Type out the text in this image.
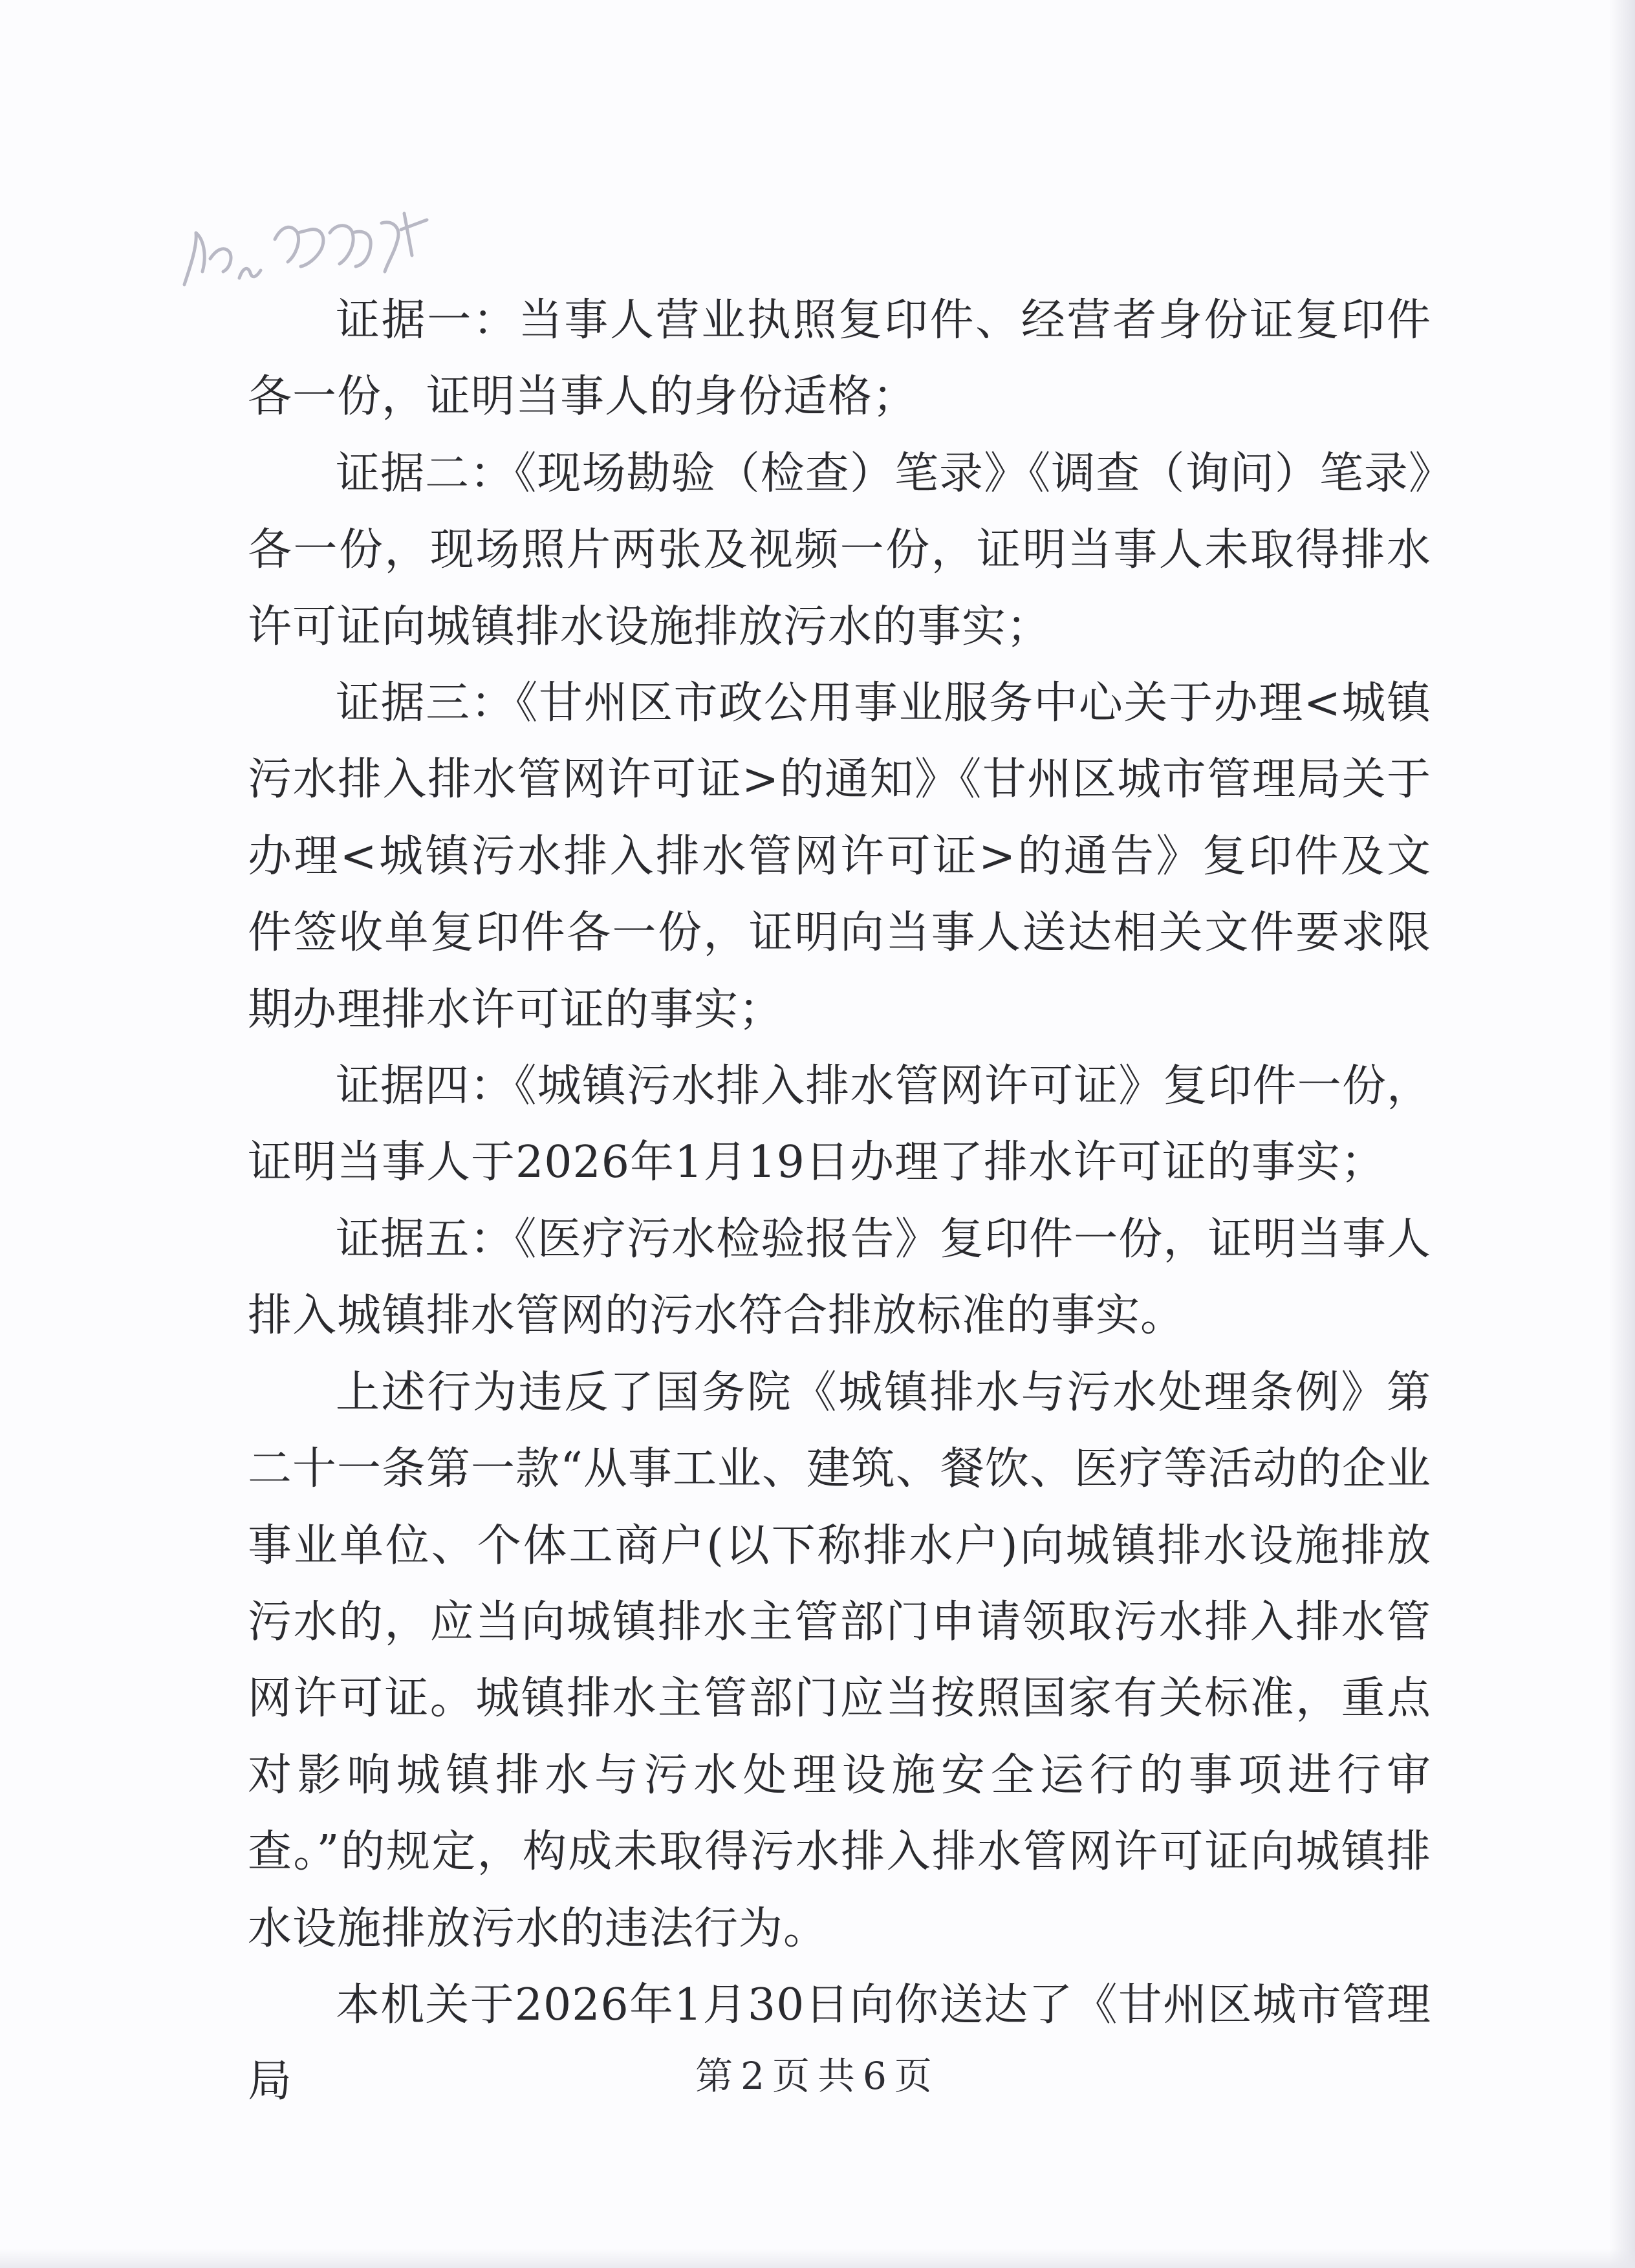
证据一：当事人营业执照复印件、经营者身份证复印件各一份，证明当事人的身份适格；

证据二：《现场勘验（检查）笔录》《调查（询问）笔录》各一份，现场照片两张及视频一份，证明当事人未取得排水许可证向城镇排水设施排放污水的事实；

证据三：《甘州区市政公用事业服务中心关于办理<城镇污水排入排水管网许可证>的通知》《甘州区城市管理局关于办理<城镇污水排入排水管网许可证>的通告》复印件及文件签收单复印件各一份，证明向当事人送达相关文件要求限期办理排水许可证的事实；

证据四：《城镇污水排入排水管网许可证》复印件一份，证明当事人于2026年1月19日办理了排水许可证的事实；

证据五：《医疗污水检验报告》复印件一份，证明当事人排入城镇排水管网的污水符合排放标准的事实。

上述行为违反了国务院《城镇排水与污水处理条例》第二十一条第一款“从事工业、建筑、餐饮、医疗等活动的企业事业单位、个体工商户(以下称排水户)向城镇排水设施排放污水的，应当向城镇排水主管部门申请领取污水排入排水管网许可证。城镇排水主管部门应当按照国家有关标准，重点对影响城镇排水与污水处理设施安全运行的事项进行审查。”的规定，构成未取得污水排入排水管网许可证向城镇排水设施排放污水的违法行为。

本机关于2026年1月30日向你送达了《甘州区城市管理局	第2页共6页
